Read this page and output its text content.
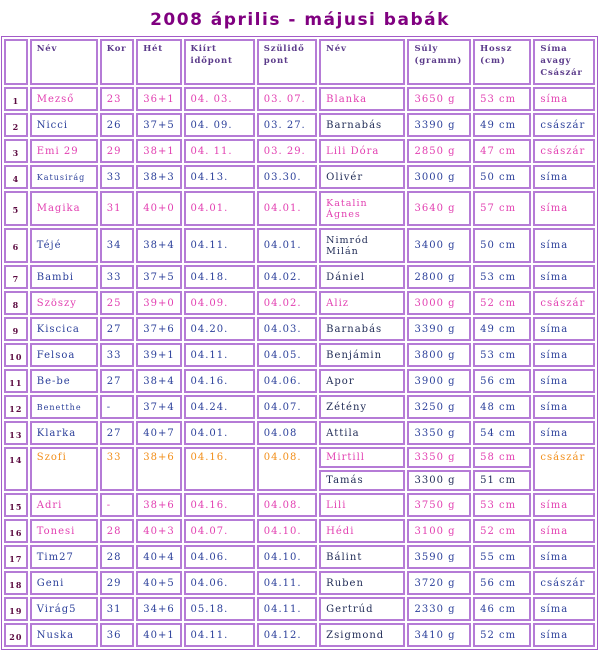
2008 április - májusi babák
	Név	Kor	Hét	Kiírt időpont	Szülidő pont	Név	Súly (gramm)	Hossz (cm)	Síma avagy Császár
1	Mezső	23	36+1	04. 03.	03. 07.	Blanka	3650 g	53 cm	síma
2	Nicci	26	37+5	04. 09.	03. 27.	Barnabás	3390 g	49 cm	császár
3	Emi 29	29	38+1	04. 11.	03. 29.	Lili Dóra	2850 g	47 cm	császár
4	Katusirág	33	38+3	04.13.	03.30.	Olivér	3000 g	50 cm	síma
5	Magika	31	40+0	04.01.	04.01.	Katalin Ágnes	3640 g	57 cm	síma
6	Téjé	34	38+4	04.11.	04.01.	Nimród Milán	3400 g	50 cm	síma
7	Bambi	33	37+5	04.18.	04.02.	Dániel	2800 g	53 cm	síma
8	Szöszy	25	39+0	04.09.	04.02.	Aliz	3000 g	52 cm	császár
9	Kiscica	27	37+6	04.20.	04.03.	Barnabás	3390 g	49 cm	síma
10	Felsoa	33	39+1	04.11.	04.05.	Benjámin	3800 g	53 cm	síma
11	Be-be	27	38+4	04.16.	04.06.	Apor	3900 g	56 cm	síma
12	Benetthe	-	37+4	04.24.	04.07.	Zétény	3250 g	48 cm	síma
13	Klarka	27	40+7	04.01.	04.08	Attila	3350 g	54 cm	síma
14	Szofi	33	38+6	04.16.	04.08.	Mirtill	3350 g	58 cm	császár
						Tamás	3300 g	51 cm	
15	Adri	-	38+6	04.16.	04.08.	Lili	3750 g	53 cm	síma
16	Tonesi	28	40+3	04.07.	04.10.	Hédi	3100 g	52 cm	síma
17	Tim27	28	40+4	04.06.	04.10.	Bálint	3590 g	55 cm	síma
18	Geni	29	40+5	04.06.	04.11.	Ruben	3720 g	56 cm	császár
19	Virág5	31	34+6	05.18.	04.11.	Gertrúd	2330 g	46 cm	síma
20	Nuska	36	40+1	04.11.	04.12.	Zsigmond	3410 g	52 cm	síma
